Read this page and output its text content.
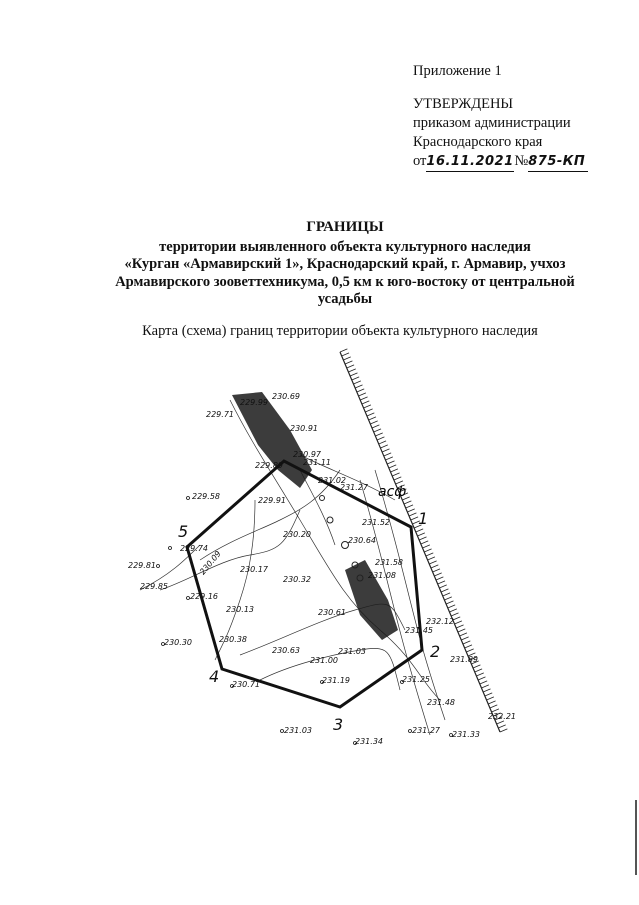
Приложение 1
УТВЕРЖДЕНЫ
приказом администрации
Краснодарского края
от16.11.2021№875-КП
ГРАНИЦЫ
территории выявленного объекта культурного наследия
«Курган «Армавирский 1», Краснодарский край, г. Армавир, учхоз
Армавирского зооветтехникума, 0,5 км к юго-востоку от центральной
усадьбы
Карта (схема) границ территории объекта культурного наследия
1
2
3
4
5
асф
230.69
229.71
229.99
230.91
230.97
231.11
229.89
229.58	229.91
231.02
231.27
231.52
230.20
230.64
229.81
229.74
229.85
230.09 230.17
230.32
231.58
231.08
229.16
230.13	230.61
232.12
230.30	230.38
230.63
231.00
231.03
231.45
231.89
230.71	231.19	231.25
231.48
231.03
231.34
231.27 231.33
232.21
